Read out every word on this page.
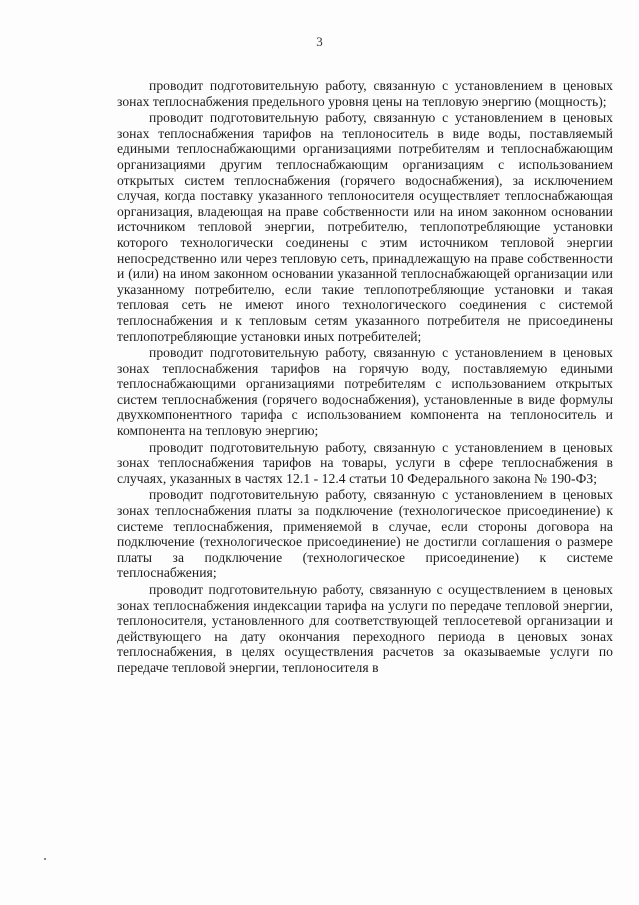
3

проводит подготовительную работу, связанную с установлением в ценовых зонах теплоснабжения предельного уровня цены на тепловую энергию (мощность);

проводит подготовительную работу, связанную с установлением в ценовых зонах теплоснабжения тарифов на теплоноситель в виде воды, поставляемый едиными теплоснабжающими организациями потребителям и теплоснабжающим организациями другим теплоснабжающим организациям с использованием открытых систем теплоснабжения (горячего водоснабжения), за исключением случая, когда поставку указанного теплоносителя осуществляет теплоснабжающая организация, владеющая на праве собственности или на ином законном основании источником тепловой энергии, потребителю, теплопотребляющие установки которого технологически соединены с этим источником тепловой энергии непосредственно или через тепловую сеть, принадлежащую на праве собственности и (или) на ином законном основании указанной теплоснабжающей организации или указанному потребителю, если такие теплопотребляющие установки и такая тепловая сеть не имеют иного технологического соединения с системой теплоснабжения и к тепловым сетям указанного потребителя не присоединены теплопотребляющие установки иных потребителей;

проводит подготовительную работу, связанную с установлением в ценовых зонах теплоснабжения тарифов на горячую воду, поставляемую едиными теплоснабжающими организациями потребителям с использованием открытых систем теплоснабжения (горячего водоснабжения), установленные в виде формулы двухкомпонентного тарифа с использованием компонента на теплоноситель и компонента на тепловую энергию;

проводит подготовительную работу, связанную с установлением в ценовых зонах теплоснабжения тарифов на товары, услуги в сфере теплоснабжения в случаях, указанных в частях 12.1 - 12.4 статьи 10 Федерального закона № 190-ФЗ;

проводит подготовительную работу, связанную с установлением в ценовых зонах теплоснабжения платы за подключение (технологическое присоединение) к системе теплоснабжения, применяемой в случае, если стороны договора на подключение (технологическое присоединение) не достигли соглашения о размере платы за подключение (технологическое присоединение) к системе теплоснабжения;

проводит подготовительную работу, связанную с осуществлением в ценовых зонах теплоснабжения индексации тарифа на услуги по передаче тепловой энергии, теплоносителя, установленного для соответствующей теплосетевой организации и действующего на дату окончания переходного периода в ценовых зонах теплоснабжения, в целях осуществления расчетов за оказываемые услуги по передаче тепловой энергии, теплоносителя в
